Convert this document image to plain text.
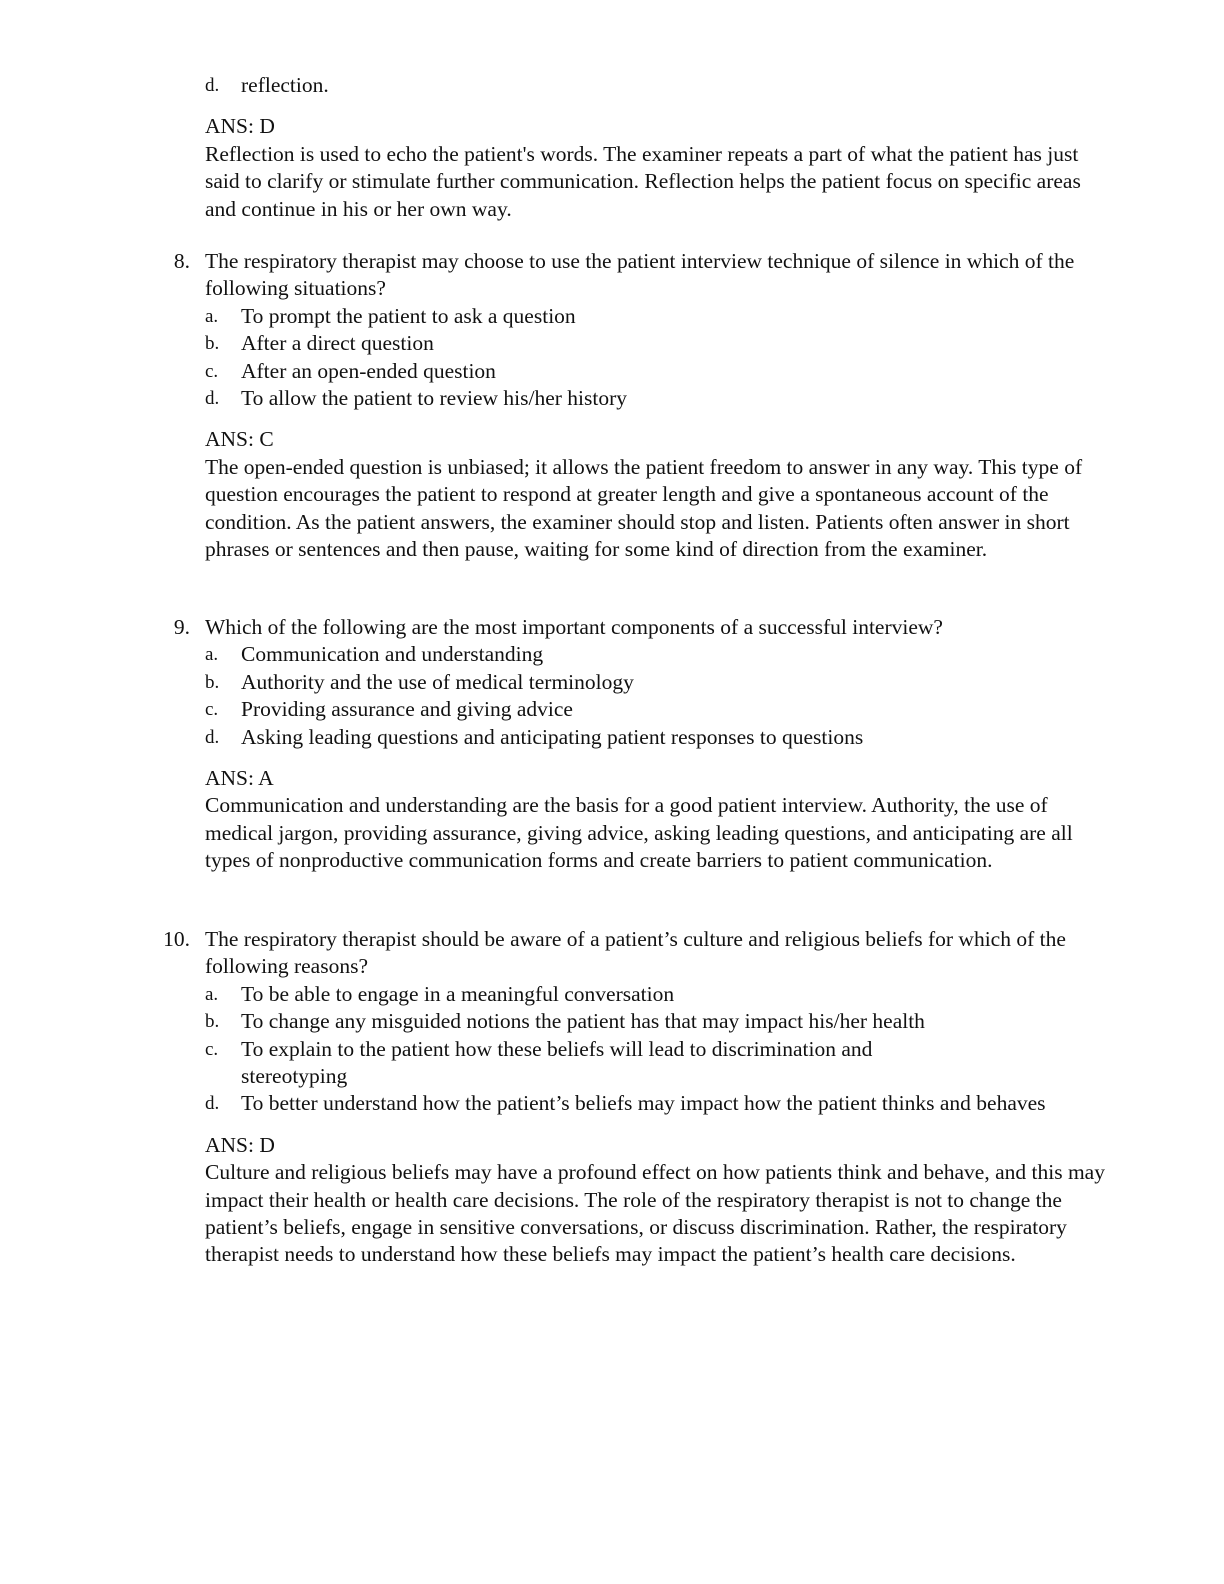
d. reflection.
ANS: D

Reflection is used to echo the patient's words. The examiner repeats a part of what the patient has just said to clarify or stimulate further communication. Reflection helps the patient focus on specific areas and continue in his or her own way.

8. The respiratory therapist may choose to use the patient interview technique of silence in which of the following situations?

a. To prompt the patient to ask a question
b. After a direct question
c. After an open-ended question
d. To allow the patient to review his/her history
ANS: C

The open-ended question is unbiased; it allows the patient freedom to answer in any way. This type of question encourages the patient to respond at greater length and give a spontaneous account of the condition. As the patient answers, the examiner should stop and listen. Patients often answer in short phrases or sentences and then pause, waiting for some kind of direction from the examiner.

9. Which of the following are the most important components of a successful interview?

a. Communication and understanding
b. Authority and the use of medical terminology
c. Providing assurance and giving advice
d. Asking leading questions and anticipating patient responses to questions
ANS: A

Communication and understanding are the basis for a good patient interview. Authority, the use of medical jargon, providing assurance, giving advice, asking leading questions, and anticipating are all types of nonproductive communication forms and create barriers to patient communication.

10. The respiratory therapist should be aware of a patient’s culture and religious beliefs for which of the following reasons?

a. To be able to engage in a meaningful conversation
b. To change any misguided notions the patient has that may impact his/her health
c. To explain to the patient how these beliefs will lead to discrimination and stereotyping
d. To better understand how the patient’s beliefs may impact how the patient thinks and behaves
ANS: D

Culture and religious beliefs may have a profound effect on how patients think and behave, and this may impact their health or health care decisions. The role of the respiratory therapist is not to change the patient’s beliefs, engage in sensitive conversations, or discuss discrimination. Rather, the respiratory therapist needs to understand how these beliefs may impact the patient’s health care decisions.
